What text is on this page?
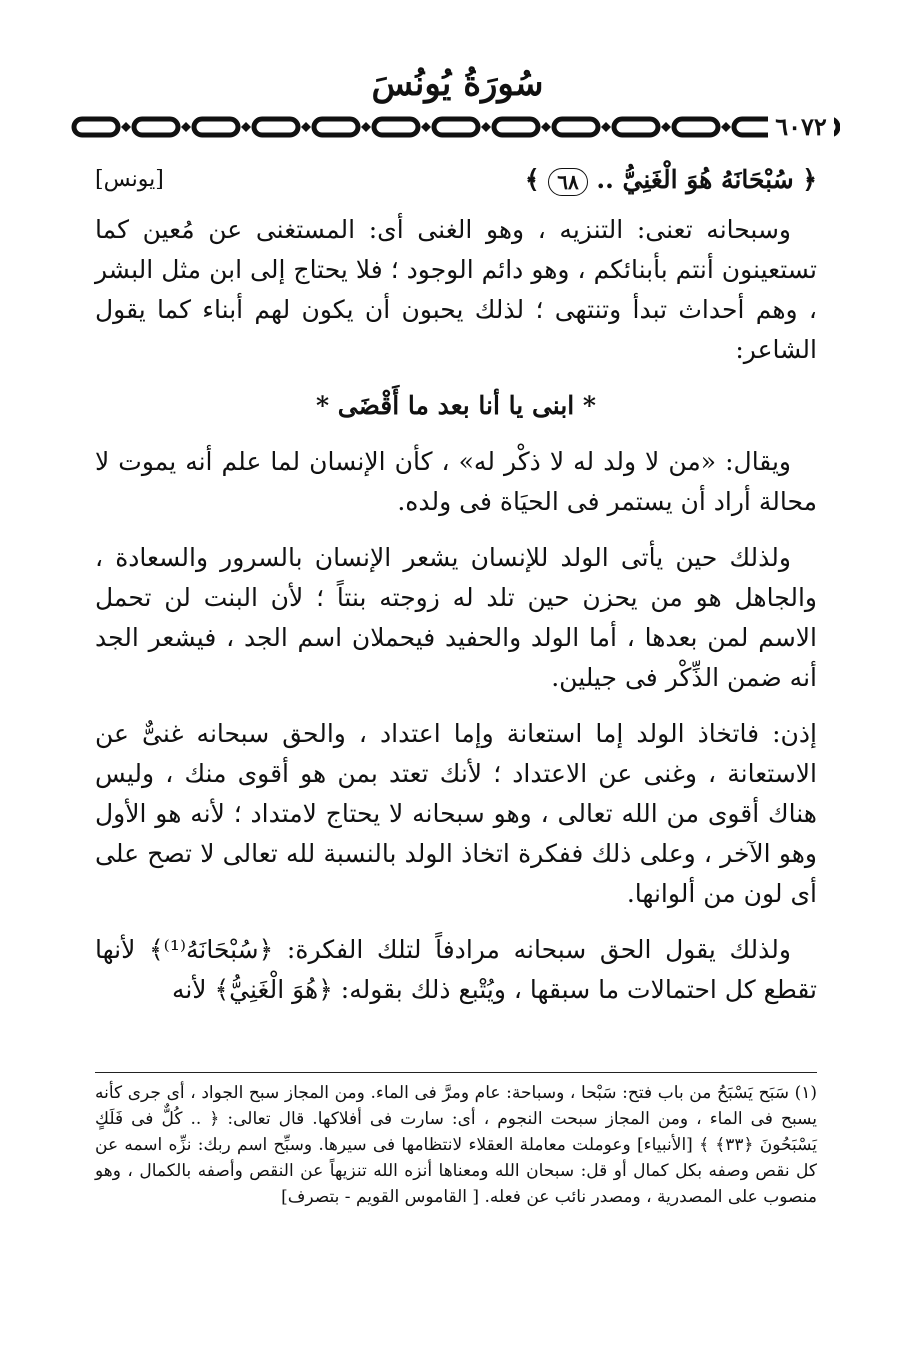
سُورَةُ يُونُسَ
٦٠٧٢
﴿ سُبْحَانَهُ هُوَ الْغَنِيُّ .. ٦٨ ﴾
[يونس]

وسبحانه تعنى: التنزيه ، وهو الغنى أى: المستغنى عن مُعين كما تستعينون أنتم بأبنائكم ، وهو دائم الوجود ؛ فلا يحتاج إلى ابن مثل البشر ، وهم أحداث تبدأ وتنتهى ؛ لذلك يحبون أن يكون لهم أبناء كما يقول الشاعر:

* ابنى يا أنا بعد ما أَقْضَى *

ويقال: «من لا ولد له لا ذكْر له» ، كأن الإنسان لما علم أنه يموت لا محالة أراد أن يستمر فى الحيَاة فى ولده.

ولذلك حين يأتى الولد للإنسان يشعر الإنسان بالسرور والسعادة ، والجاهل هو من يحزن حين تلد له زوجته بنتاً ؛ لأن البنت لن تحمل الاسم لمن بعدها ، أما الولد والحفيد فيحملان اسم الجد ، فيشعر الجد أنه ضمن الذِّكْر فى جيلين.

إذن: فاتخاذ الولد إما استعانة وإما اعتداد ، والحق سبحانه غنىٌّ عن الاستعانة ، وغنى عن الاعتداد ؛ لأنك تعتد بمن هو أقوى منك ، وليس هناك أقوى من الله تعالى ، وهو سبحانه لا يحتاج لامتداد ؛ لأنه هو الأول وهو الآخر ، وعلى ذلك ففكرة اتخاذ الولد بالنسبة لله تعالى لا تصح على أى لون من ألوانها.

ولذلك يقول الحق سبحانه مرادفاً لتلك الفكرة: ﴿سُبْحَانَهُ⁽¹⁾﴾ لأنها تقطع كل احتمالات ما سبقها ، ويُتْبع ذلك بقوله: ﴿هُوَ الْغَنِيُّ﴾ لأنه

(١) سَبَح يَسْبَحُ من باب فتح: سَبْحا ، وسباحة: عام ومرَّ فى الماء. ومن المجاز سبح الجواد ، أى جرى كأنه يسبح فى الماء ، ومن المجاز سبحت النجوم ، أى: سارت فى أفلاكها. قال تعالى: ﴿ .. كُلٌّ فى فَلَكٍ يَسْبَحُونَ ﴿٣٣﴾ ﴾ [الأنبياء] وعوملت معاملة العقلاء لانتظامها فى سيرها. وسبِّح اسم ربك: نزِّه اسمه عن كل نقص وصفه بكل كمال أو قل: سبحان الله ومعناها أنزه الله تنزيهاً عن النقص وأصفه بالكمال ، وهو منصوب على المصدرية ، ومصدر نائب عن فعله. [ القاموس القويم - بتصرف]
